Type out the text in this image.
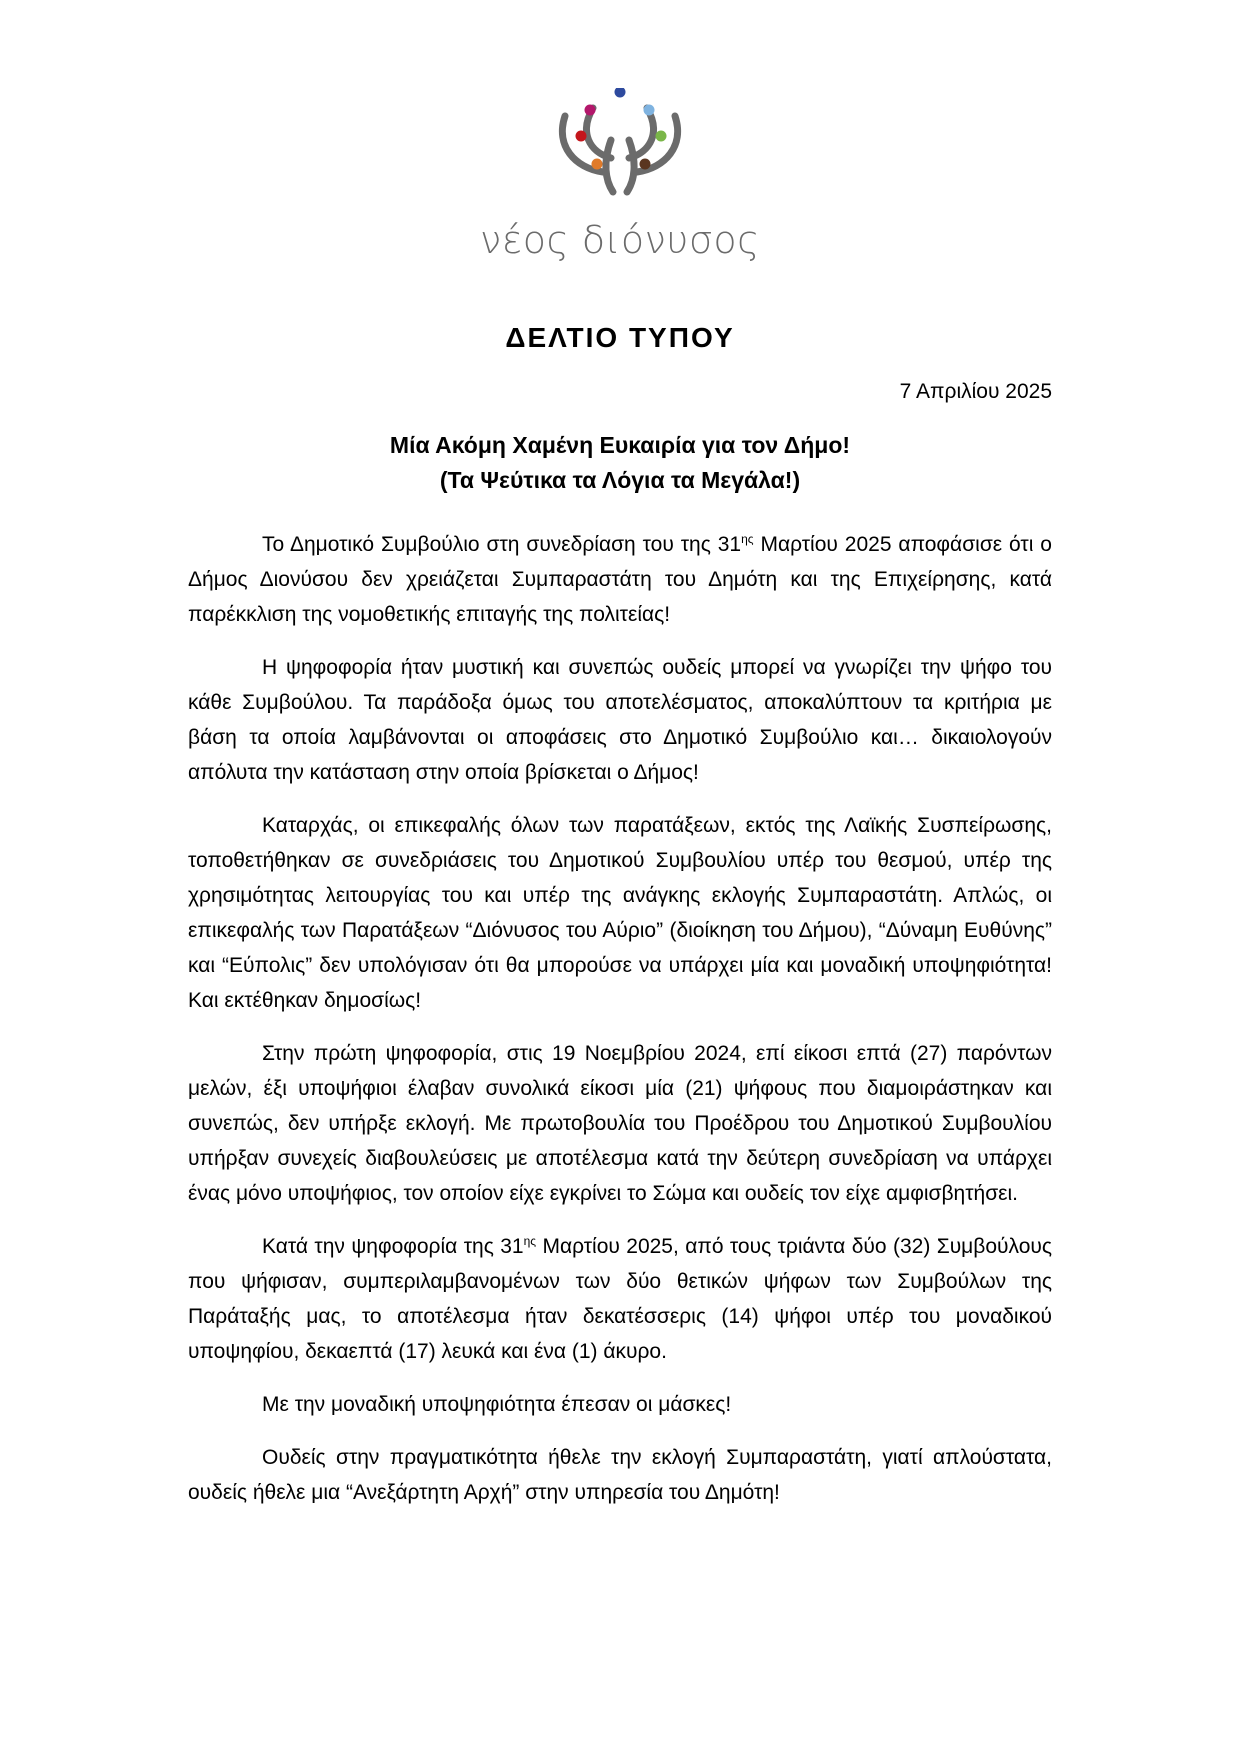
νέος διόνυσος
ΔΕΛΤΙΟ ΤΥΠΟΥ
7 Απριλίου 2025
Μία Ακόμη Χαμένη Ευκαιρία για τον Δήμο!
(Τα Ψεύτικα τα Λόγια τα Μεγάλα!)

Το Δημοτικό Συμβούλιο στη συνεδρίαση του της $31^{\eta\varsigma}$ Μαρτίου 2025 αποφάσισε ότι ο Δήμος Διονύσου δεν χρειάζεται Συμπαραστάτη του Δημότη και της Επιχείρησης, κατά παρέκκλιση της νομοθετικής επιταγής της πολιτείας!

Η ψηφοφορία ήταν μυστική και συνεπώς ουδείς μπορεί να γνωρίζει την ψήφο του κάθε Συμβούλου. Τα παράδοξα όμως του αποτελέσματος, αποκαλύπτουν τα κριτήρια με βάση τα οποία λαμβάνονται οι αποφάσεις στο Δημοτικό Συμβούλιο και… δικαιολογούν απόλυτα την κατάσταση στην οποία βρίσκεται ο Δήμος!

Καταρχάς, οι επικεφαλής όλων των παρατάξεων, εκτός της Λαϊκής Συσπείρωσης, τοποθετήθηκαν σε συνεδριάσεις του Δημοτικού Συμβουλίου υπέρ του θεσμού, υπέρ της χρησιμότητας λειτουργίας του και υπέρ της ανάγκης εκλογής Συμπαραστάτη. Απλώς, οι επικεφαλής των Παρατάξεων “Διόνυσος του Αύριο” (διοίκηση του Δήμου), “Δύναμη Ευθύνης” και “Εύπολις” δεν υπολόγισαν ότι θα μπορούσε να υπάρχει μία και μοναδική υποψηφιότητα! Και εκτέθηκαν δημοσίως!

Στην πρώτη ψηφοφορία, στις 19 Νοεμβρίου 2024, επί είκοσι επτά (27) παρόντων μελών, έξι υποψήφιοι έλαβαν συνολικά είκοσι μία (21) ψήφους που διαμοιράστηκαν και συνεπώς, δεν υπήρξε εκλογή. Με πρωτοβουλία του Προέδρου του Δημοτικού Συμβουλίου υπήρξαν συνεχείς διαβουλεύσεις με αποτέλεσμα κατά την δεύτερη συνεδρίαση να υπάρχει ένας μόνο υποψήφιος, τον οποίον είχε εγκρίνει το Σώμα και ουδείς τον είχε αμφισβητήσει.

Κατά την ψηφοφορία της $31^{\eta\varsigma}$ Μαρτίου 2025, από τους τριάντα δύο (32) Συμβούλους που ψήφισαν, συμπεριλαμβανομένων των δύο θετικών ψήφων των Συμβούλων της Παράταξής μας, το αποτέλεσμα ήταν δεκατέσσερις (14) ψήφοι υπέρ του μοναδικού υποψηφίου, δεκαεπτά (17) λευκά και ένα (1) άκυρο.

Με την μοναδική υποψηφιότητα έπεσαν οι μάσκες!

Ουδείς στην πραγματικότητα ήθελε την εκλογή Συμπαραστάτη, γιατί απλούστατα, ουδείς ήθελε μια “Ανεξάρτητη Αρχή” στην υπηρεσία του Δημότη!
